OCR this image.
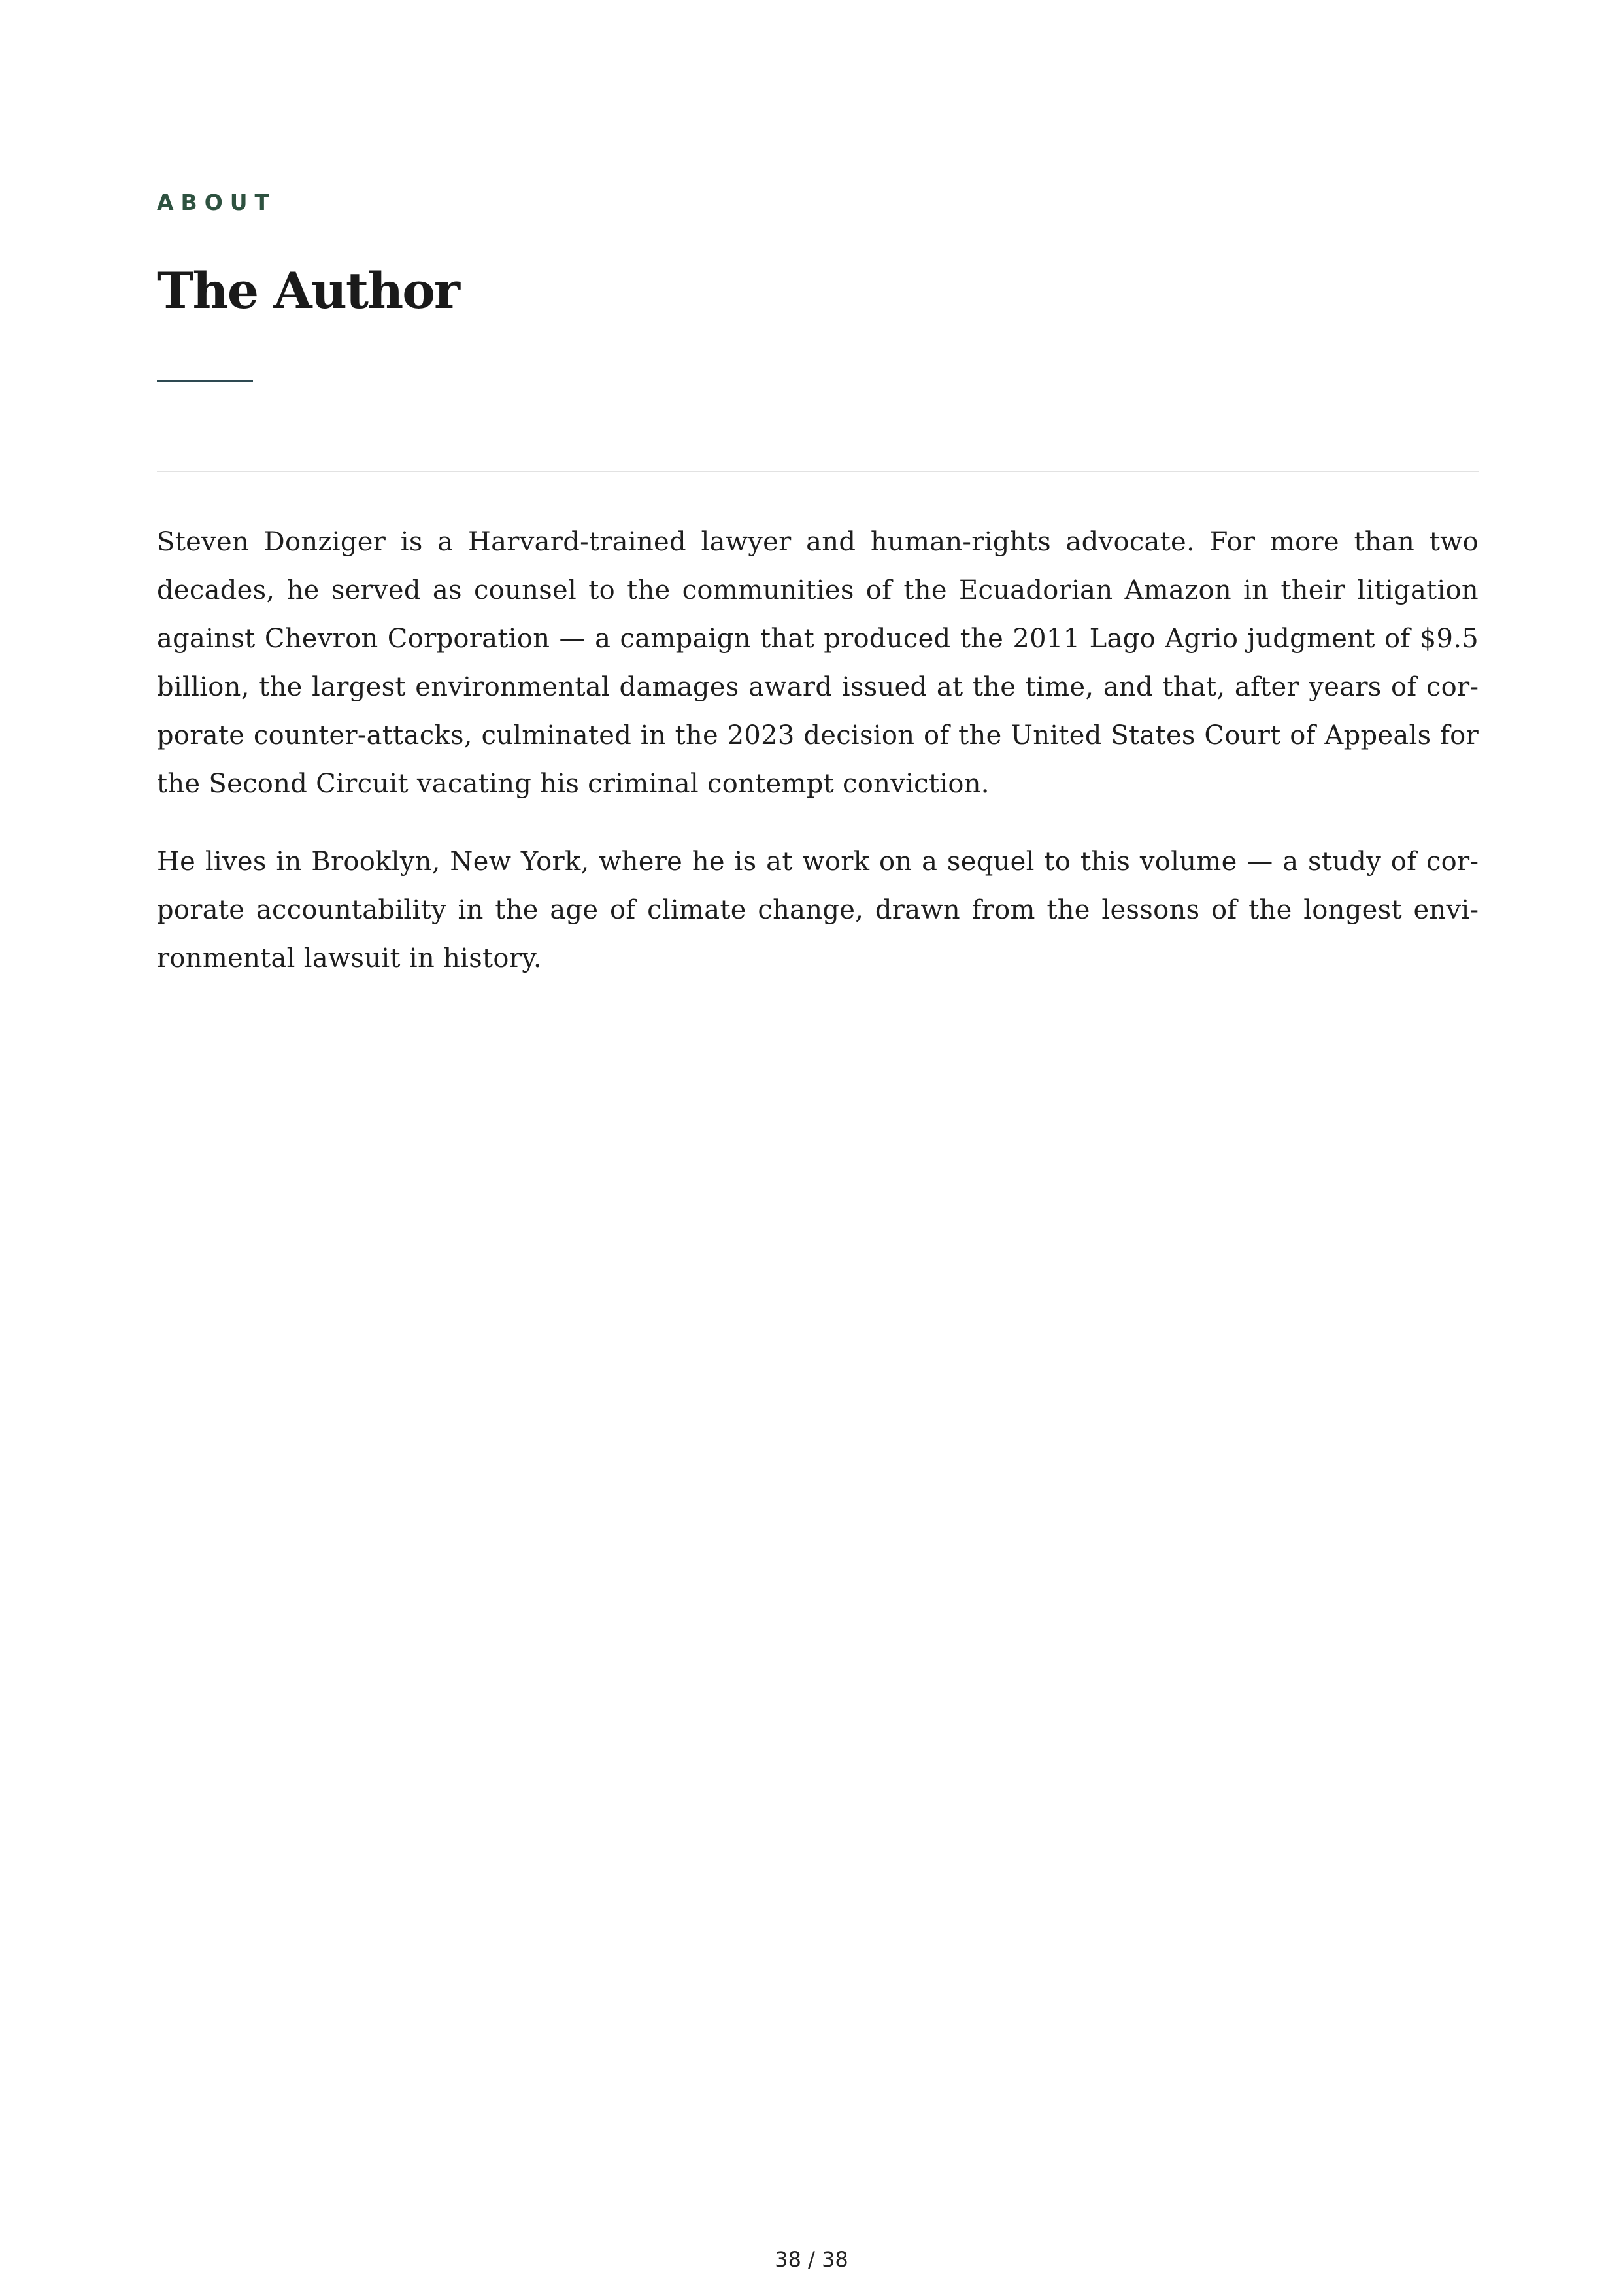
ABOUT
The Author

Steven Donziger is a Harvard-trained lawyer and human-rights advocate. For more than two decades, he served as counsel to the communities of the Ecuadorian Amazon in their litigation against Chevron Corporation — a campaign that produced the 2011 Lago Agrio judgment of $9.5 billion, the largest environmental damages award issued at the time, and that, after years of corporate counter-attacks, culminated in the 2023 decision of the United States Court of Appeals for the Second Circuit vacating his criminal contempt conviction.

He lives in Brooklyn, New York, where he is at work on a sequel to this volume — a study of corporate accountability in the age of climate change, drawn from the lessons of the longest environmental lawsuit in history.

38 / 38
